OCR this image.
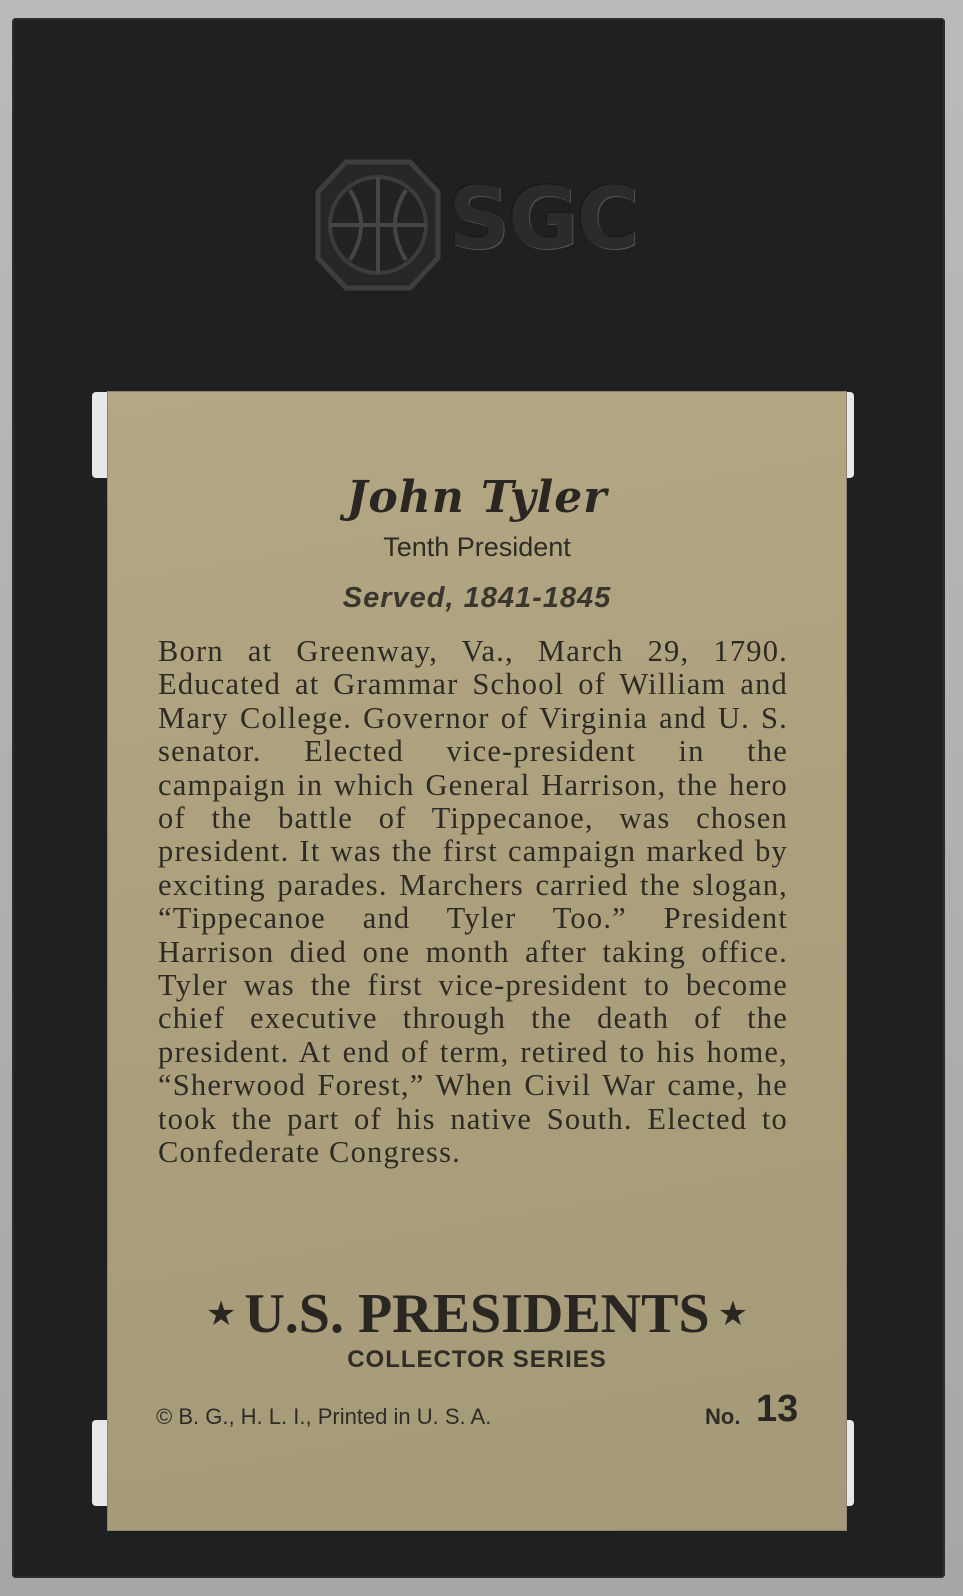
SGC
John Tyler
Tenth President
Served, 1841-1845
Born at Greenway, Va., March 29, 1790. Educated at Grammar School of William and Mary College. Governor of Virginia and U. S. senator. Elected vice-president in the campaign in which General Harrison, the hero of the battle of Tippecanoe, was chosen president. It was the first campaign marked by exciting parades. Marchers carried the slogan, “Tippecanoe and Tyler Too.” President Harrison died one month after taking office. Tyler was the first vice-president to become chief executive through the death of the president. At end of term, retired to his home, “Sherwood Forest,” When Civil War came, he took the part of his native South. Elected to Confederate Congress.
★ U.S. PRESIDENTS ★
COLLECTOR SERIES
© B. G., H. L. I., Printed in U. S. A.	No. 13
